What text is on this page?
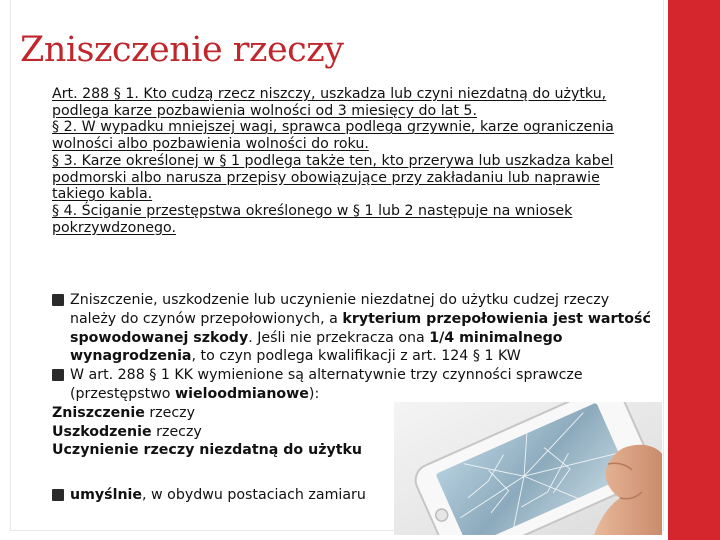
Zniszczenie rzeczy

Art. 288 § 1. Kto cudzą rzecz niszczy, uszkadza lub czyni niezdatną do użytku, podlega karze pozbawienia wolności od 3 miesięcy do lat 5.

§ 2. W wypadku mniejszej wagi, sprawca podlega grzywnie, karze ograniczenia wolności albo pozbawienia wolności do roku.

§ 3. Karze określonej w § 1 podlega także ten, kto przerywa lub uszkadza kabel podmorski albo narusza przepisy obowiązujące przy zakładaniu lub naprawie takiego kabla.

§ 4. Ściganie przestępstwa określonego w § 1 lub 2 następuje na wniosek pokrzywdzonego.

Zniszczenie, uszkodzenie lub uczynienie niezdatnej do użytku cudzej rzeczy należy do czynów przepołowionych, a kryterium przepołowienia jest wartość spowodowanej szkody. Jeśli nie przekracza ona 1/4 minimalnego wynagrodzenia, to czyn podlega kwalifikacji z art. 124 § 1 KW

W art. 288 § 1 KK wymienione są alternatywnie trzy czynności sprawcze (przestępstwo wieloodmianowe):

Zniszczenie rzeczy

Uszkodzenie rzeczy

Uczynienie rzeczy niezdatną do użytku

umyślnie, w obydwu postaciach zamiaru
